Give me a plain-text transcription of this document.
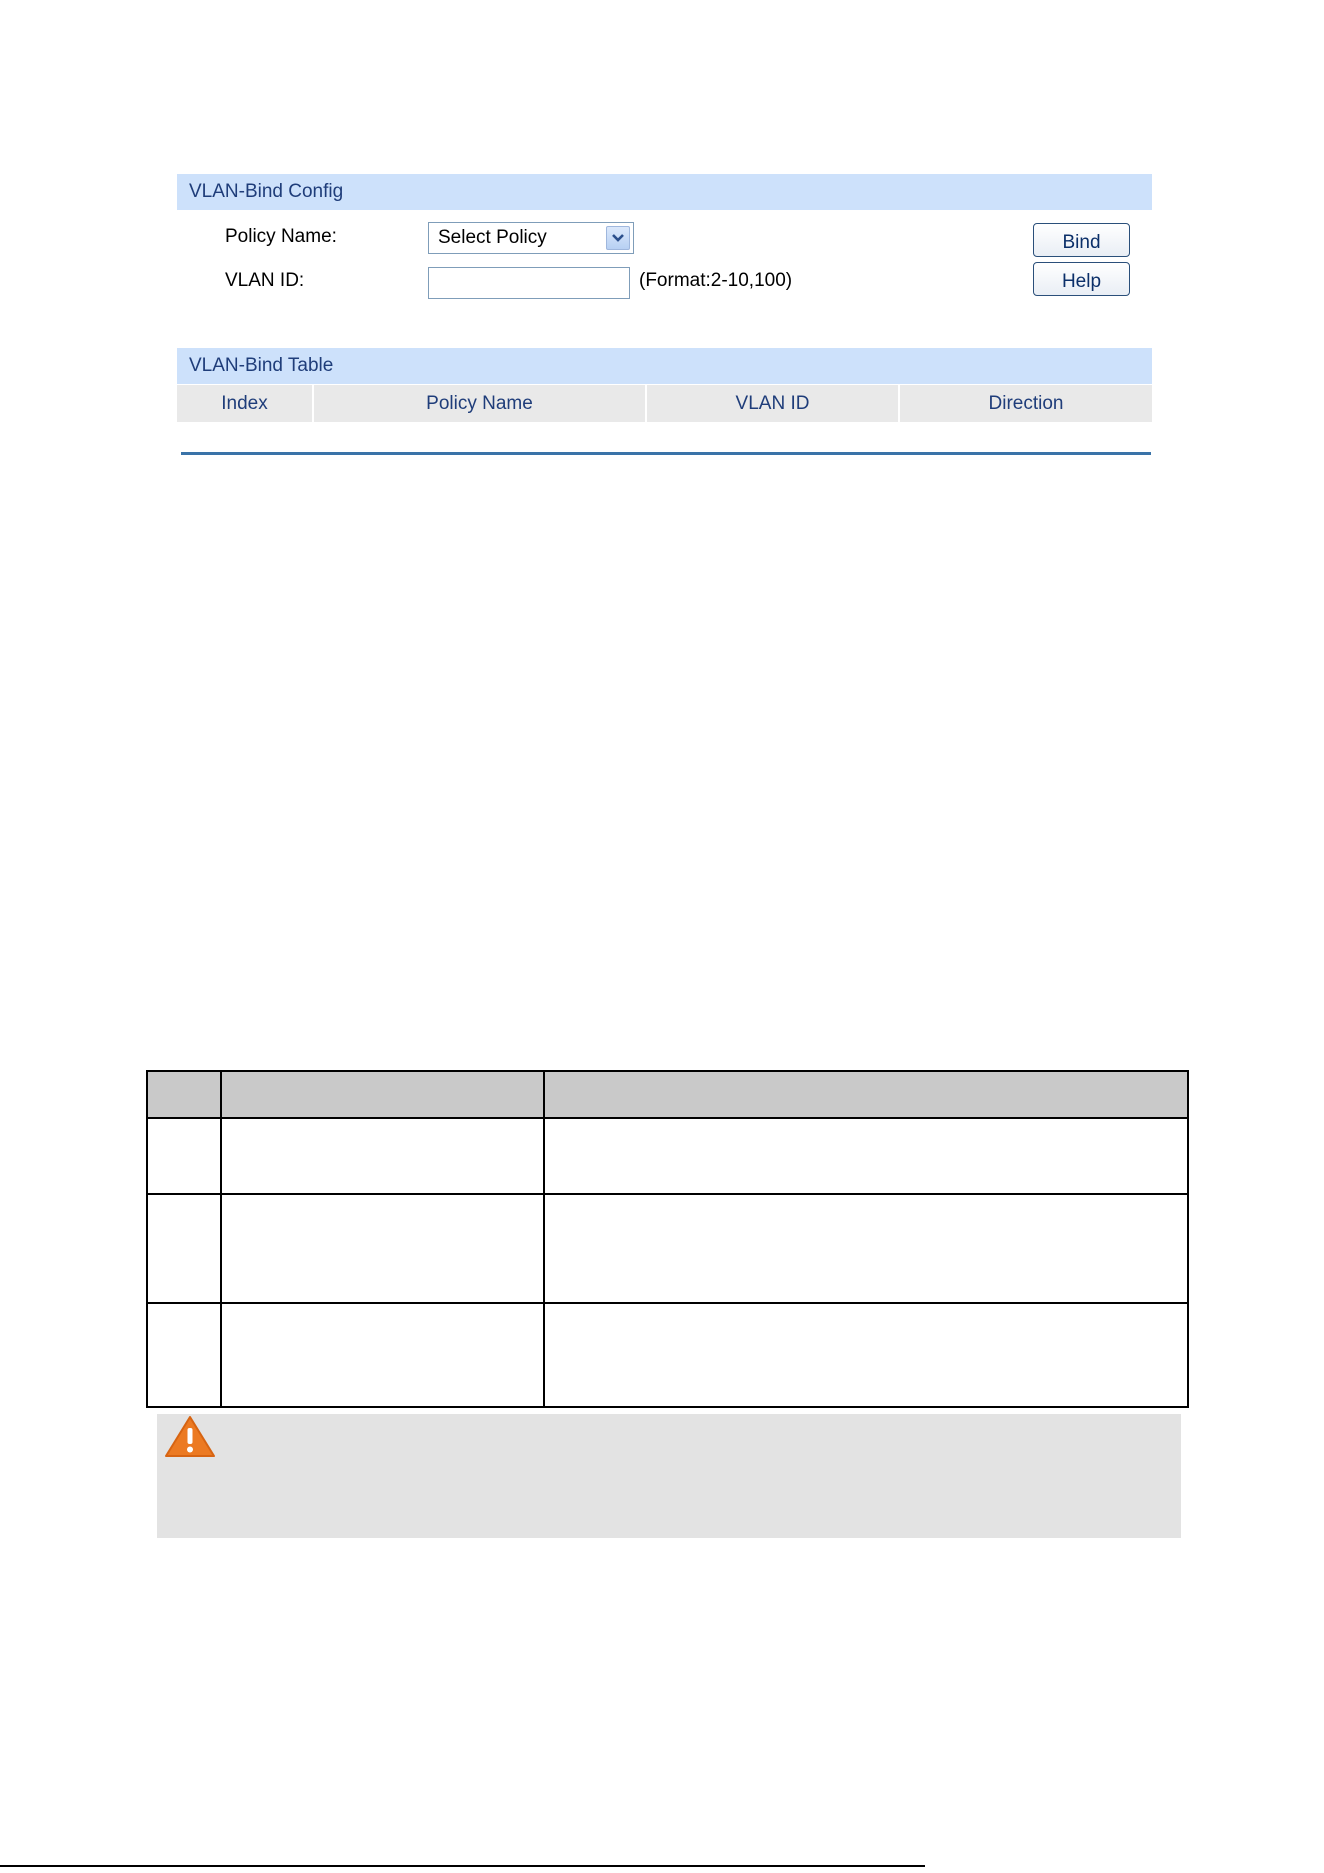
VLAN-Bind Config
Policy Name:	Select Policy
VLAN ID:	(Format:2-10,100)
Bind
Help
VLAN-Bind Table
Index	Policy Name	VLAN ID	Direction
